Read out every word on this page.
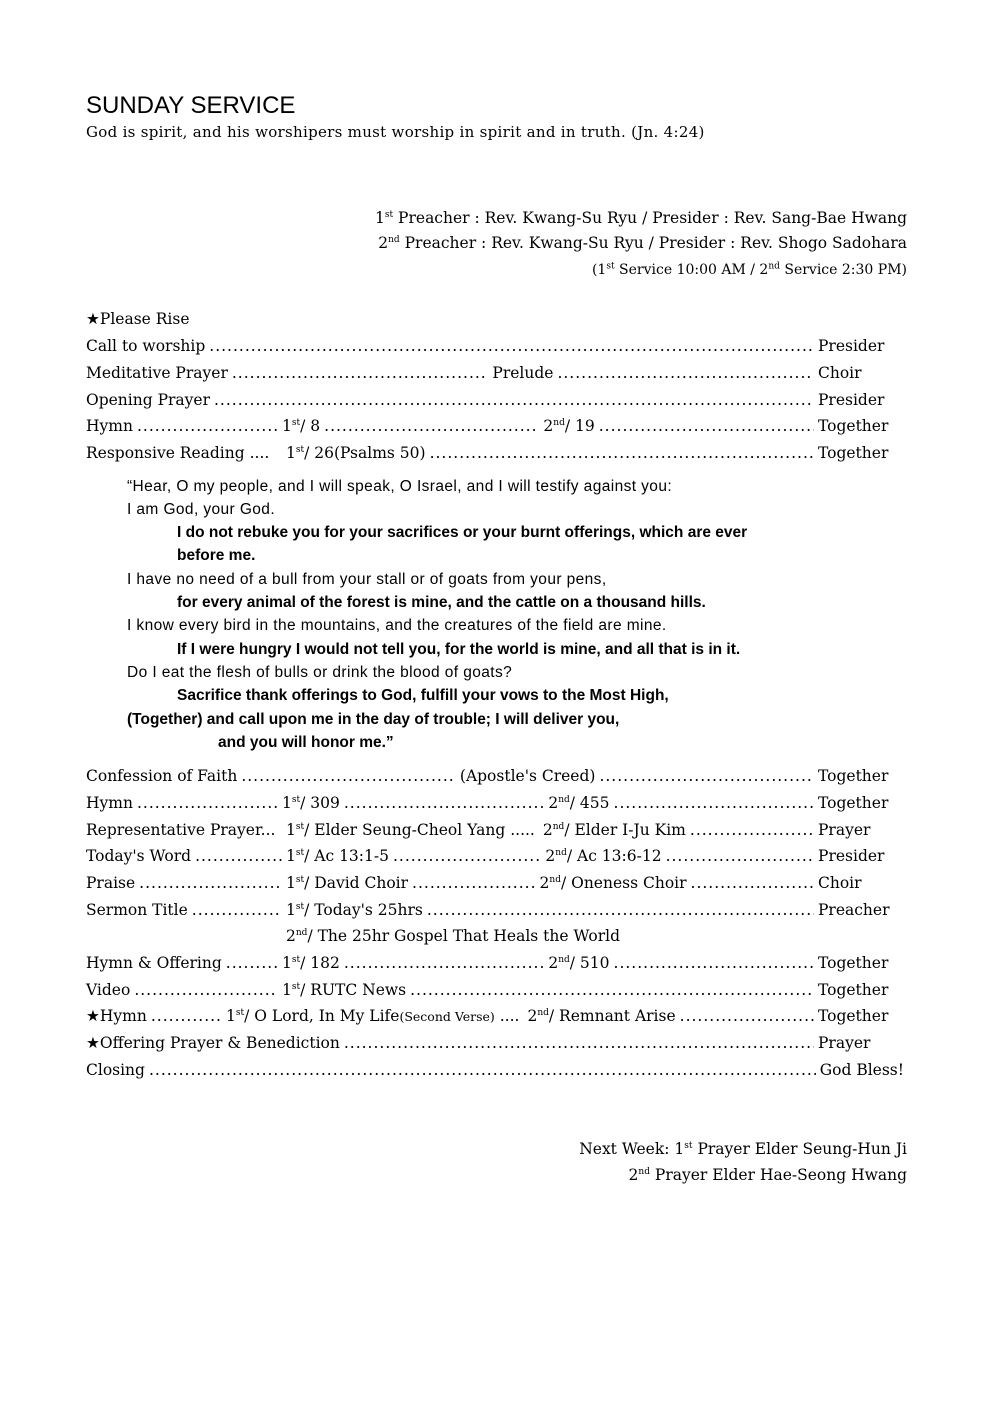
SUNDAY SERVICE
God is spirit, and his worshipers must worship in spirit and in truth. (Jn. 4:24)
1st Preacher : Rev. Kwang-Su Ryu / Presider : Rev. Sang-Bae Hwang
2nd Preacher : Rev. Kwang-Su Ryu / Presider : Rev. Shogo Sadohara
(1st Service 10:00 AM / 2nd Service 2:30 PM)
★Please Rise
Call to worship .....	Presider
Meditative Prayer .....	Prelude .....	Choir
Opening Prayer .....	Presider
Hymn .....	1st/ 8 .....	2nd/ 19 .....	Together
Responsive Reading ....	1st/ 26(Psalms 50) .....	Together
“Hear, O my people, and I will speak, O Israel, and I will testify against you:
I am God, your God.
I do not rebuke you for your sacrifices or your burnt offerings, which are ever
before me.
I have no need of a bull from your stall or of goats from your pens,
for every animal of the forest is mine, and the cattle on a thousand hills.
I know every bird in the mountains, and the creatures of the field are mine.
If I were hungry I would not tell you, for the world is mine, and all that is in it.
Do I eat the flesh of bulls or drink the blood of goats?
Sacrifice thank offerings to God, fulfill your vows to the Most High,
(Together) and call upon me in the day of trouble; I will deliver you,
and you will honor me.”
Confession of Faith .....	(Apostle's Creed) .....	Together
Hymn .....	1st/ 309 .....	2nd/ 455 .....	Together
Representative Prayer... 1st/ Elder Seung-Cheol Yang ..... 2nd/ Elder I-Ju Kim .....	Prayer
Today's Word .....	1st/ Ac 13:1-5 .....	2nd/ Ac 13:6-12 .....	Presider
Praise .....	1st/ David Choir .....	2nd/ Oneness Choir .....	Choir
Sermon Title .....	1st/ Today's 25hrs .....	Preacher
2nd/ The 25hr Gospel That Heals the World
Hymn & Offering .....	1st/ 182 .....	2nd/ 510 .....	Together
Video .....	1st/ RUTC News .....	Together
★Hymn .....	1st/ O Lord, In My Life(Second Verse) .... 2nd/ Remnant Arise .....	Together
★Offering Prayer & Benediction .....	Prayer
Closing .....	God Bless!
Next Week: 1st Prayer Elder Seung-Hun Ji
2nd Prayer Elder Hae-Seong Hwang
